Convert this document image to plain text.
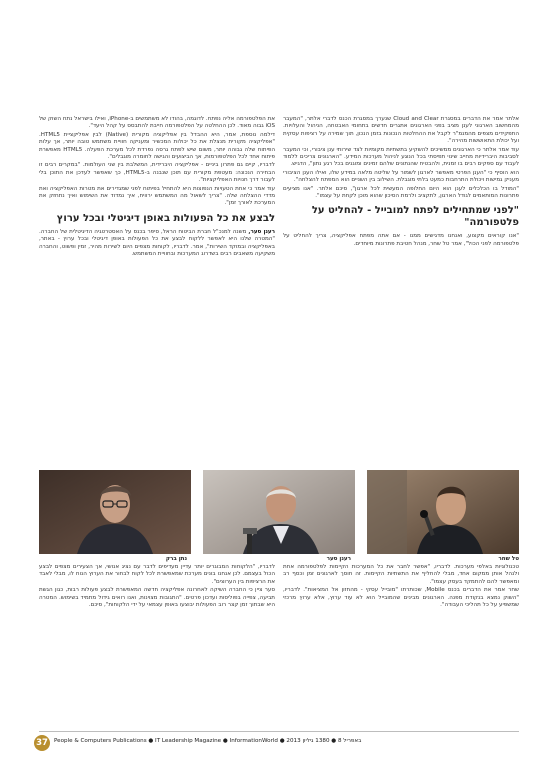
אלתר אמר את הדברים במסגרת Cloud and Clear שנערך במסגרת הכנס לדברי אלתר, "המעבר מהמחשוב הארגוני לענן מציב בפני הארגונים אתגרים חדשים בתחומי האבטחה, הניהול והעלויות. התפקידים מצפים מהמנמ"ר לקבל את ההחלטות הנכונות בזמן הנכון, תוך שמירה על רציפות עסקית ועל יכולת התאוששות מהירה".

עוד אמר אלתר כי הארגונים ממשיכים להשקיע בתשתיות מקומיות לצד שירותי ענן ציבורי, וכי המעבר לסביבות היברידיות מחייב שינוי תפיסתי בכל הנוגע לניהול מערכות המידע. "הארגונים צריכים ללמוד לעבוד עם ספקים רבים בו זמנית, ולהבטיח שהנתונים שלהם זמינים ומוגנים בכל רגע נתון", הדגיש.

הוא הוסיף כי "הענן הפרטי מאפשר לארגון לשמור על שליטה מלאה במידע שלו, ואילו הענן הציבורי מעניק גמישות ויכולת התרחבות כמעט בלתי מוגבלת. השילוב בין השניים הוא המפתח להצלחה".

"המודל בו הכלכלים לענן הוא היום החלופה המעשית לכל ארגון", סיכם אלתר. "אנו מציעים פתרונות המותאמים לגודל הארגון, לתקציב ולרמת הסיכון שהוא מוכן לקחת על עצמו".

"לפני שמתחילים לפתח למובייל - להחליט על פלטפורמה"

"אנו קוראים מקצוע, ואנחנו מדגישים ממנו - אם אתה מפתח אפליקציה, צריך להחליט על פלטפורמה לפני הכול", אמר טל שחר, מנהל חטיבת פתרונות מיוחדים.

את הפלטפורמה אליה נפתח. לדוגמה, בהודו לא משתמשים ב-iPhone, ואילו בישראל נתח השוק של iOS גבוה מאוד. לכן ההחלטה על הפלטפורמה חייבת להתבסס על קהל היעד".

דילמה נוספת, אמר, היא ההבדל בין אפליקציה מקורית (Native) לבין אפליקציית HTML5. "אפליקציה מקורית מנצלת את כל יכולות המכשיר ומעניקה חוויית משתמש טובה יותר, אך עלות הפיתוח שלה גבוהה יותר, משום שיש לפתח גרסה נפרדת לכל מערכת הפעלה. HTML5 מאפשרת פיתוח אחד לכל הפלטפורמות, אך הביצועים והגישה לחומרה מוגבלים".

לדבריו, קיים גם פתרון ביניים - אפליקציה היברידית, המשלבת בין שני העולמות. "במקרים רבים זו הבחירה הנכונה: מעטפת מקורית עם תוכן שנבנה ב-HTML5, כך שאפשר לעדכן את התוכן בלי לעבור דרך חנויות האפליקציות".

עוד אמר כי אחת הטעויות הנפוצות היא להתחיל בפיתוח לפני שמגדירים את מטרות האפליקציה ואת מדדי ההצלחה שלה. "צריך לשאול מה המשתמש ירוויח, איך נמדוד את השימוש ואיך נתחזק את המערכת לאורך זמן".

לבצע את כל הפעולות באופן דיגיטלי ובכל ערוץ

רענן סער, משנה למנכ"ל חברת הביטוח הראל, סיפר בכנס על האסטרטגיה הדיגיטלית של החברה. "המטרה שלנו היא לאפשר ללקוח לבצע את כל הפעולות באופן דיגיטלי ובכל ערוץ - באתר, באפליקציה ובמוקד השירות", אמר. לדבריו, לקוחות מצפים היום לשירות מהיר, זמין ופשוט, והחברה משקיעה משאבים רבים בשדרוג המערכות ובחוויית המשתמש.

טל שחר
רענן סער
נתן ברק

טכנולוגיות באלפי מערכות. לדבריו, "אפשר לחבר את כל המערכות הקיימות לפלטפורמה אחת ולנהל אותן ממקום אחד, מבלי להחליף את התשתיות הקיימות. זה חוסך לארגונים זמן וכסף רב ומאפשר להם להתמקד בעסק עצמו".

שחר אמר את הדברים בכנס Mobile, שכותרתו "מובייל עסקי - מהחזון אל המציאות". לדבריו, "השוק נמצא בנקודת מפנה. הארגונים מבינים שהמובייל הוא לא עוד ערוץ, אלא ערוץ מרכזי שמשפיע על כל תהליכי העבודה".

לדבריו, "הלקוחות המבוגרים יותר עדיין מעדיפים לדבר עם נציג אנושי, אך הצעירים מצפים לבצע הכול בעצמם. לכן אנחנו בונים מערכת שמאפשרת לכל לקוח לבחור את הערוץ הנוח לו, מבלי לאבד את הרציפות בין הערוצים".

סער ציין כי החברה השיקה לאחרונה אפליקציה חדשה המאפשרת לבצע פעולות רבות, כגון הגשת תביעה, צפייה בפוליסות ועדכון פרטים. "התגובות מצוינות, ואנו רואים גידול מתמיד בשימוש. המטרה היא שבתוך זמן קצר רוב הפעולות יבוצעו באופן עצמאי על ידי הלקוחות", סיכם.

37	People & Computers Publications ● IT Leadership Magazine ● InformationWorld ● 2013 באפריל 8 ● 1380 גיליון
